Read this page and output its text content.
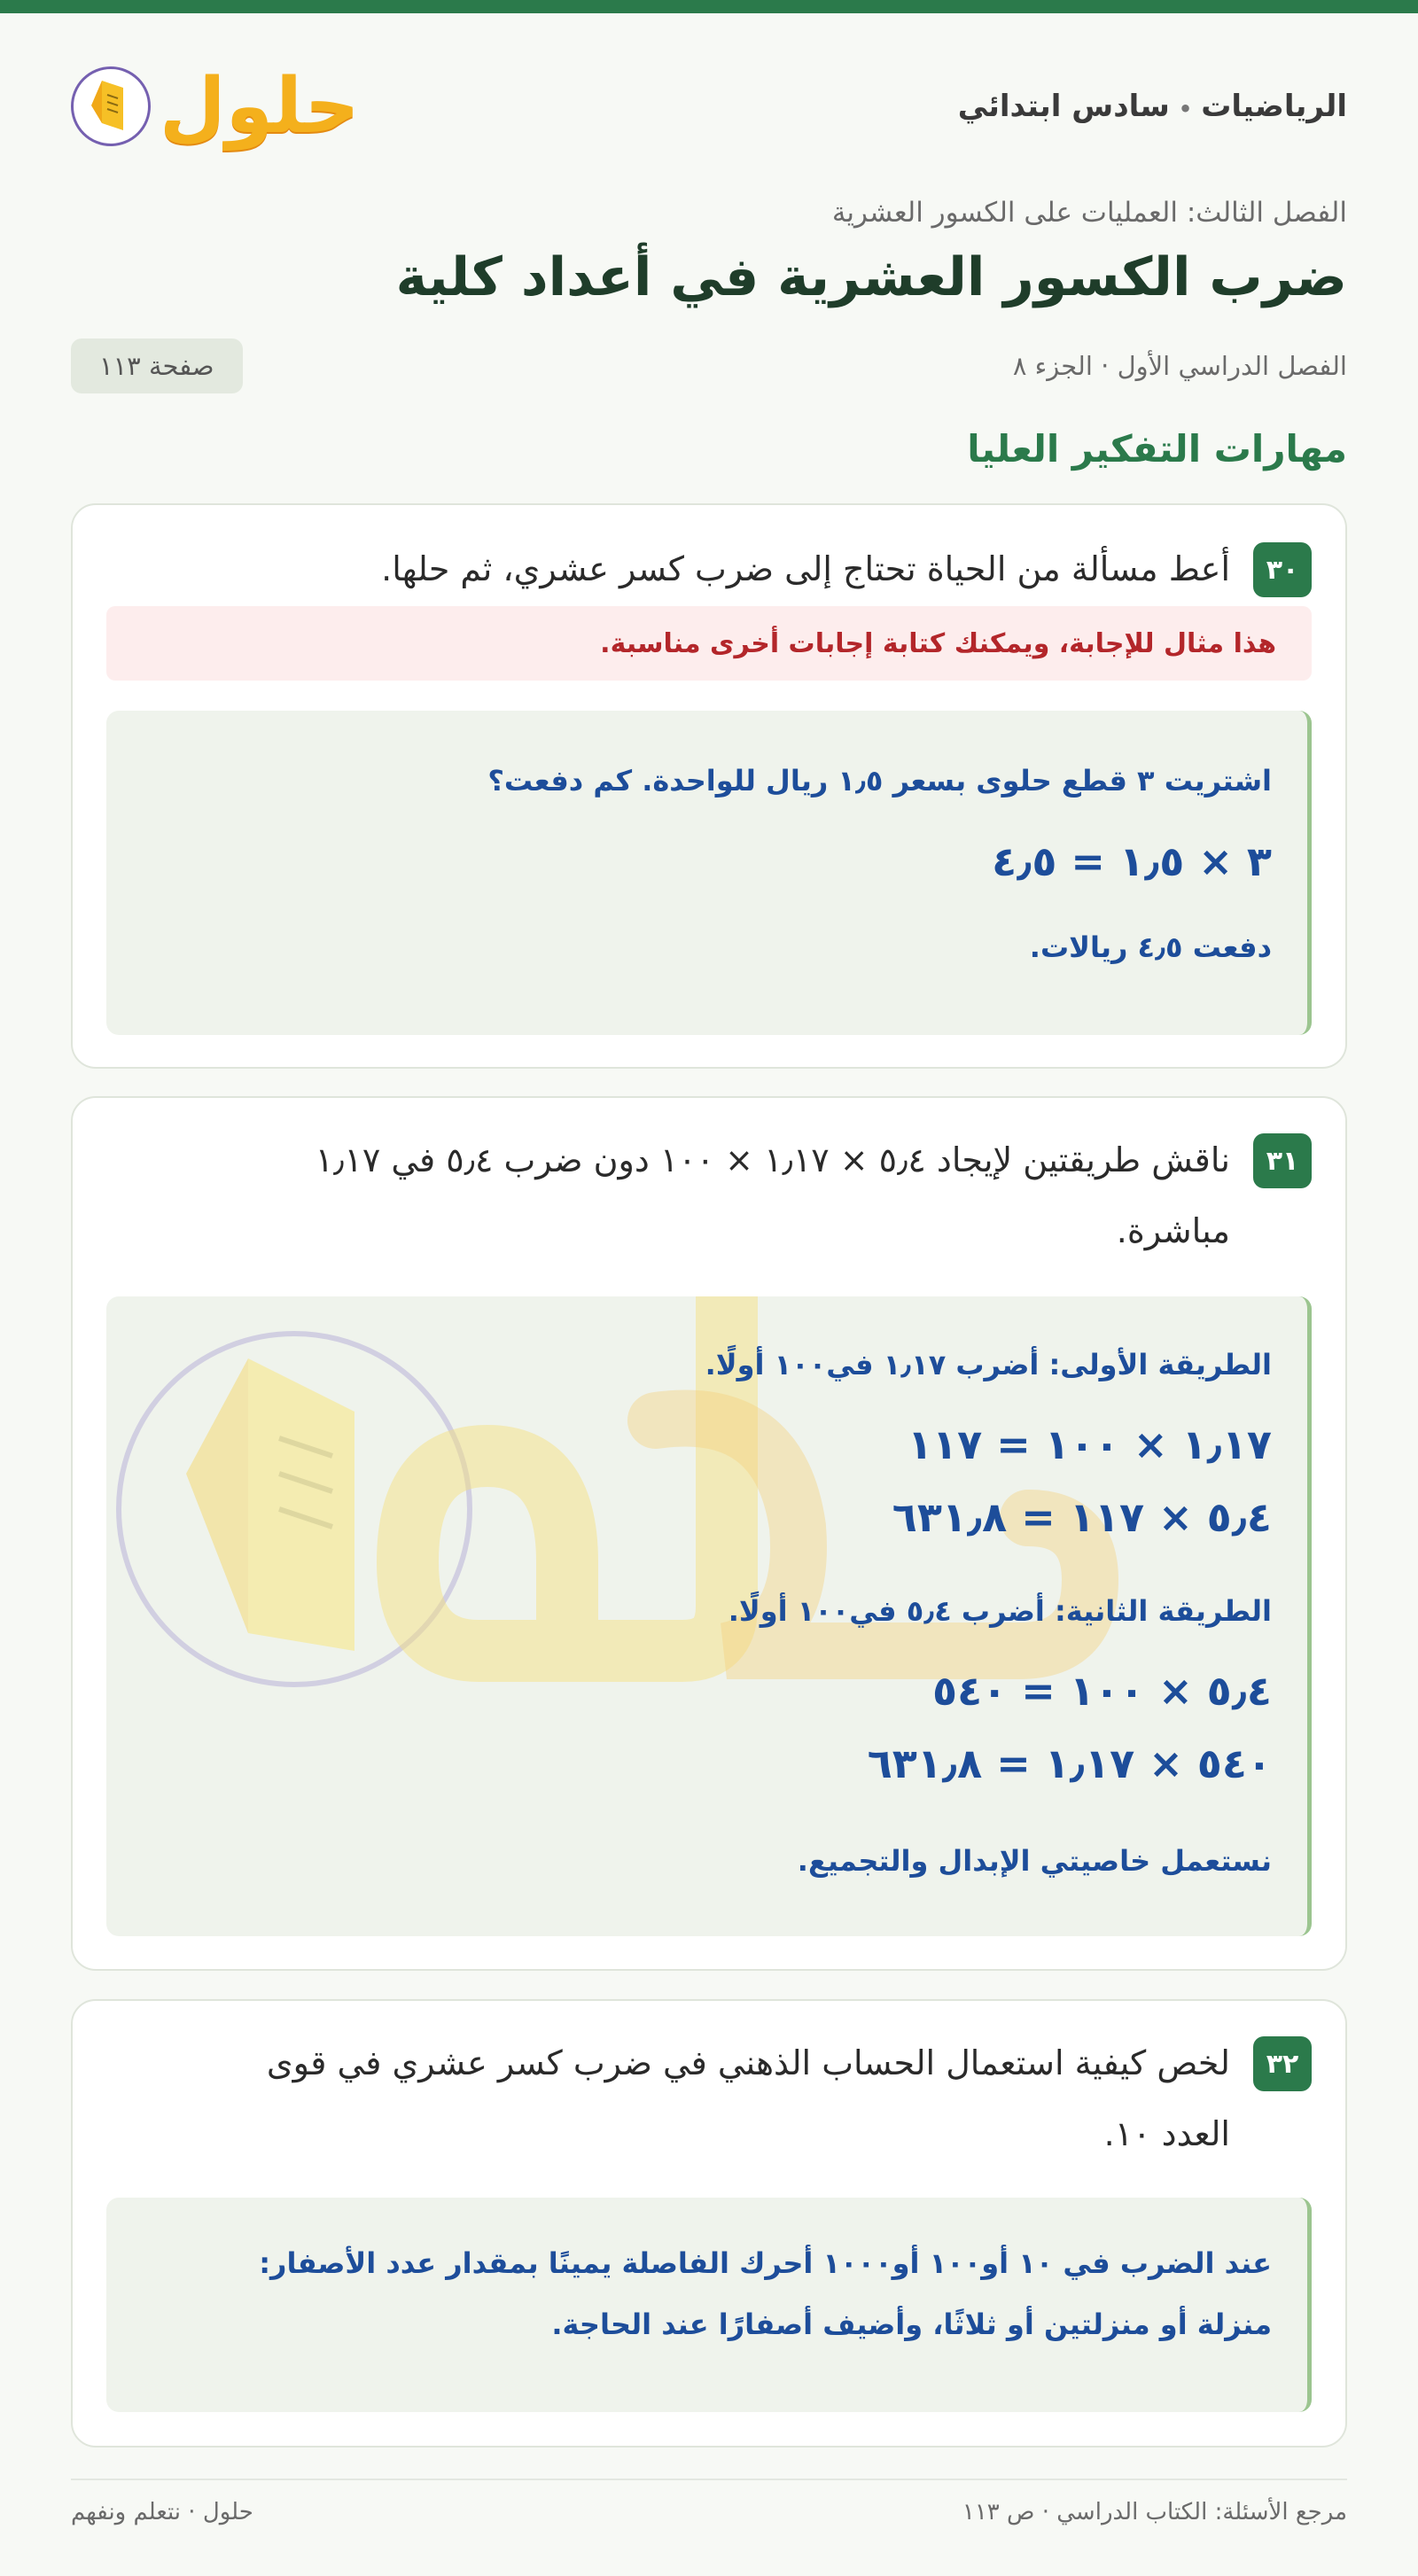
الرياضيات•سادس ابتدائي
حلول
الفصل الثالث: العمليات على الكسور العشرية
ضرب الكسور العشرية في أعداد كلية
الفصل الدراسي الأول · الجزء ٨
صفحة ١١٣
مهارات التفكير العليا
٣٠
أعط مسألة من الحياة تحتاج إلى ضرب كسر عشري، ثم حلها.
هذا مثال للإجابة، ويمكنك كتابة إجابات أخرى مناسبة.
اشتريت ٣ قطع حلوى بسعر ١٫٥ ريال للواحدة. كم دفعت؟
٣ × ١٫٥ = ٤٫٥
دفعت ٤٫٥ ريالات.
٣١
ناقش طريقتين لإيجاد ٥٫٤ × ١٫١٧ × ١٠٠ دون ضرب ٥٫٤ في ١٫١٧
مباشرة.
الطريقة الأولى: أضرب ١٫١٧ في١٠٠ أولًا.
١٫١٧ × ١٠٠ = ١١٧
٥٫٤ × ١١٧ = ٦٣١٫٨
الطريقة الثانية: أضرب ٥٫٤ في١٠٠ أولًا.
٥٫٤ × ١٠٠ = ٥٤٠
٥٤٠ × ١٫١٧ = ٦٣١٫٨
نستعمل خاصيتي الإبدال والتجميع.
٣٢
لخص كيفية استعمال الحساب الذهني في ضرب كسر عشري في قوى
العدد ١٠.
عند الضرب في ١٠ أو١٠٠ أو١٠٠٠ أحرك الفاصلة يمينًا بمقدار عدد الأصفار:
منزلة أو منزلتين أو ثلاثًا، وأضيف أصفارًا عند الحاجة.
مرجع الأسئلة: الكتاب الدراسي · ص ١١٣
حلول · نتعلم ونفهم
